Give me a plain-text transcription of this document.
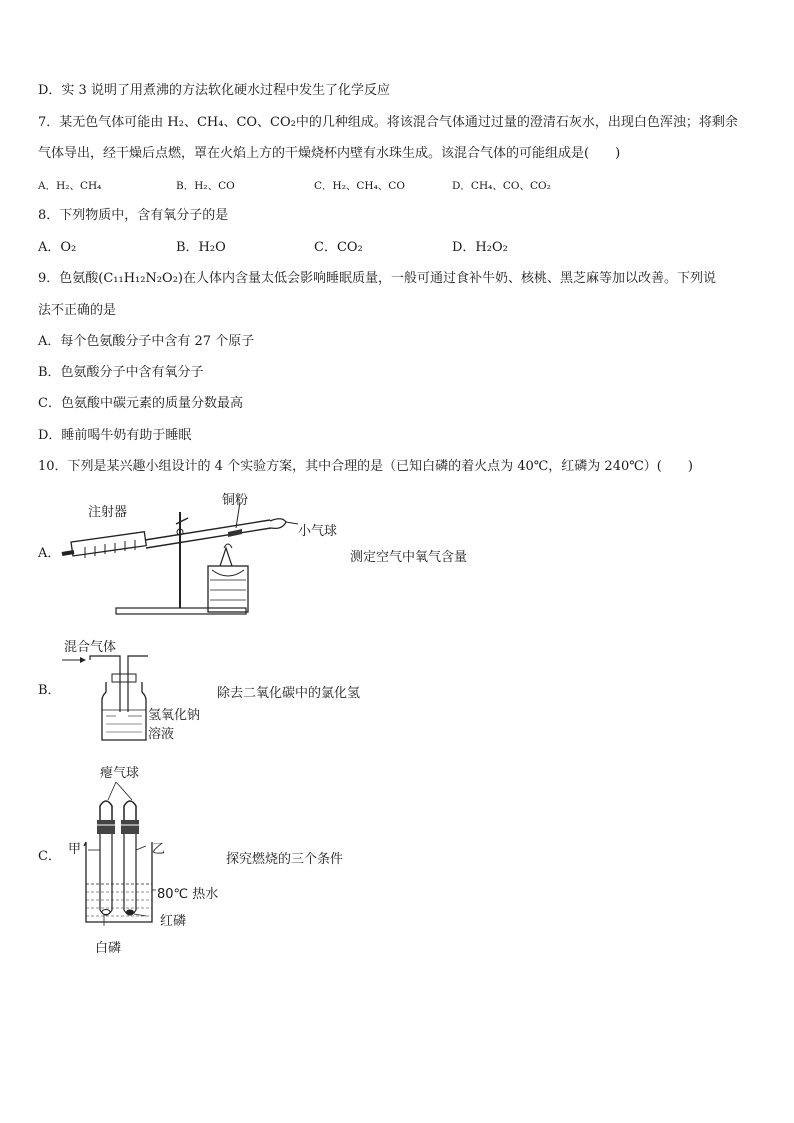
D．实 3 说明了用煮沸的方法软化硬水过程中发生了化学反应
7．某无色气体可能由 H₂、CH₄、CO、CO₂中的几种组成。将该混合气体通过过量的澄清石灰水，出现白色浑浊；将剩余
气体导出，经干燥后点燃，罩在火焰上方的干燥烧杯内壁有水珠生成。该混合气体的可能组成是(　　)
A．H₂、CH₄	B．H₂、CO	C．H₂、CH₄、CO	D．CH₄、CO、CO₂
8．下列物质中，含有氧分子的是
A．O₂	B．H₂O	C．CO₂	D．H₂O₂
9．色氨酸(C₁₁H₁₂N₂O₂)在人体内含量太低会影响睡眠质量，一般可通过食补牛奶、核桃、黑芝麻等加以改善。下列说
法不正确的是
A．每个色氨酸分子中含有 27 个原子
B．色氨酸分子中含有氧分子
C．色氨酸中碳元素的质量分数最高
D．睡前喝牛奶有助于睡眠
10．下列是某兴趣小组设计的 4 个实验方案，其中合理的是（已知白磷的着火点为 40℃，红磷为 240℃）(　　)
A．
注射器
铜粉
小气球
测定空气中氧气含量
混合气体
B．
氢氧化钠
溶液
除去二氧化碳中的氯化氢
瘪气球
C． 甲	乙
80℃ 热水
红磷
白磷
探究燃烧的三个条件
